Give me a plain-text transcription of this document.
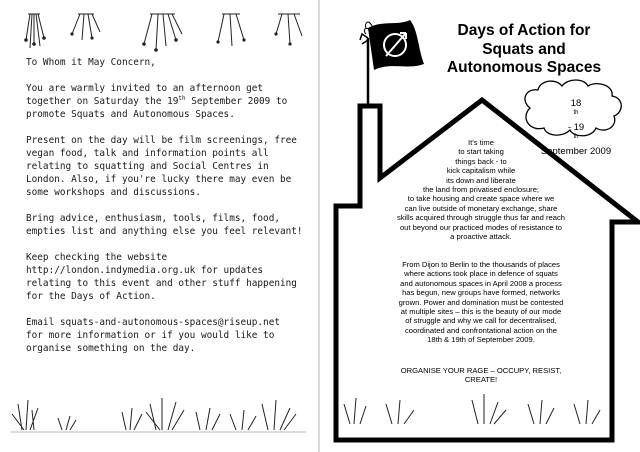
To Whom it May Concern,

You are warmly invited to an afternoon get
together on Saturday the 19th September 2009 to
promote Squats and Autonomous Spaces.

Present on the day will be film screenings, free
vegan food, talk and information points all
relating to squatting and Social Centres in
London. Also, if you're lucky there may even be
some workshops and discussions.

Bring advice, enthusiasm, tools, films, food,
empties list and anything else you feel relevant!

Keep checking the website
http://london.indymedia.org.uk for updates
relating to this event and other stuff happening
for the Days of Action.

Email squats-and-autonomous-spaces@riseup.net
for more information or if you would like to
organise something on the day.

Days of Action for
Squats and
Autonomous Spaces
18
$^{th}$
- 19
$^{th}$
September 2009
It's time
to start taking
things back - to
kick capitalism while
its down and liberate
the land from privatised enclosure;
to take housing and create space where we
can live outside of monetary exchange, share
skills acquired through struggle thus far and reach
out beyond our practiced modes of resistance to
a proactive attack.
From Dijon to Berlin to the thousands of places
where actions took place in defence of squats
and autonomous spaces in April 2008 a process
has begun, new groups have formed, networks
grown. Power and domination must be contested
at multiple sites – this is the beauty of our mode
of struggle and why we call for decentralised,
coordinated and confrontational action on the
18th & 19th of September 2009.
ORGANISE YOUR RAGE – OCCUPY, RESIST,
CREATE!
